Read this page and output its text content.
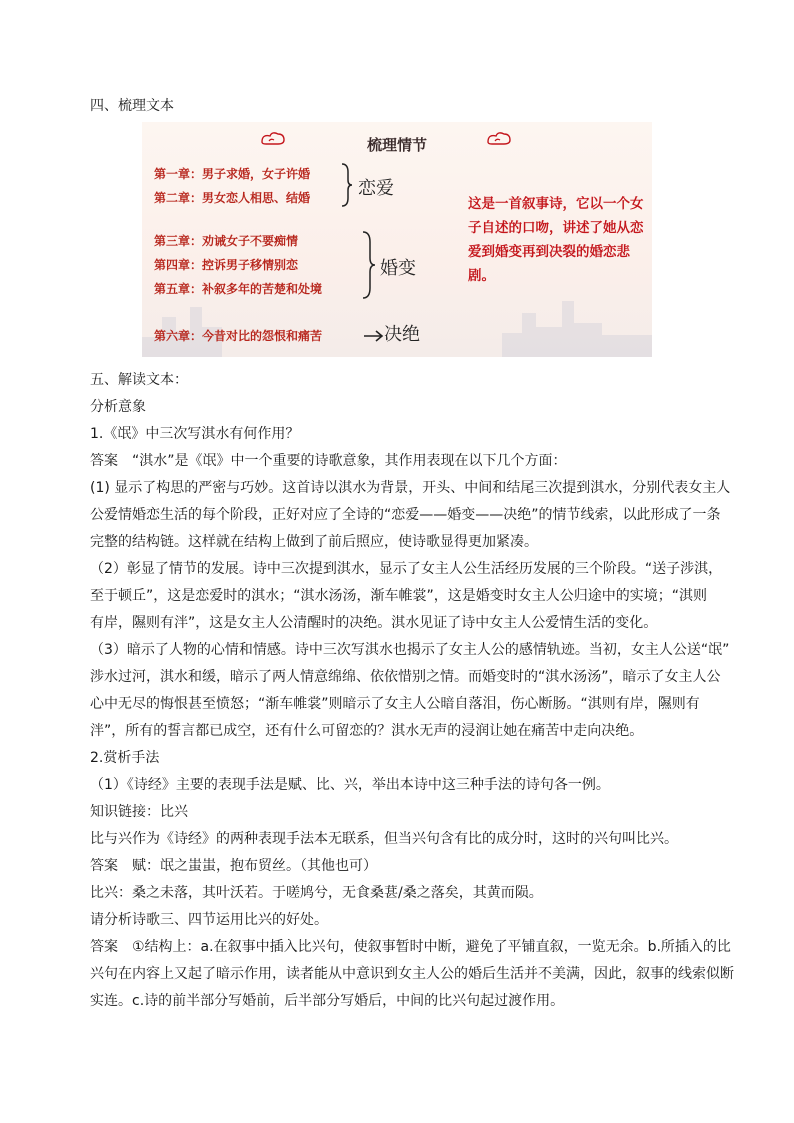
四、梳理文本
梳理情节
第一章：男子求婚，女子许婚
第二章：男女恋人相思、结婚	恋爱
第三章：劝诫女子不要痴情
第四章：控诉男子移情别恋
第五章：补叙多年的苦楚和处境
婚变
第六章：今昔对比的怨恨和痛苦	决绝
这是一首叙事诗，它以一个女子自述的口吻，讲述了她从恋爱到婚变再到决裂的婚恋悲剧。
五、解读文本：
分析意象
1.《氓》中三次写淇水有何作用？
答案　“淇水”是《氓》中一个重要的诗歌意象，其作用表现在以下几个方面：
(1) 显示了构思的严密与巧妙。这首诗以淇水为背景，开头、中间和结尾三次提到淇水，分别代表女主人
公爱情婚恋生活的每个阶段，正好对应了全诗的“恋爱——婚变——决绝”的情节线索，以此形成了一条
完整的结构链。这样就在结构上做到了前后照应，使诗歌显得更加紧凑。
（2）彰显了情节的发展。诗中三次提到淇水，显示了女主人公生活经历发展的三个阶段。“送子涉淇，
至于顿丘”，这是恋爱时的淇水；“淇水汤汤，渐车帷裳”，这是婚变时女主人公归途中的实境；“淇则
有岸，隰则有泮”，这是女主人公清醒时的决绝。淇水见证了诗中女主人公爱情生活的变化。
（3）暗示了人物的心情和情感。诗中三次写淇水也揭示了女主人公的感情轨迹。当初，女主人公送“氓”
涉水过河，淇水和缓，暗示了两人情意绵绵、依依惜别之情。而婚变时的“淇水汤汤”，暗示了女主人公
心中无尽的悔恨甚至愤怒；“渐车帷裳”则暗示了女主人公暗自落泪，伤心断肠。“淇则有岸，隰则有
泮”，所有的誓言都已成空，还有什么可留恋的？淇水无声的浸润让她在痛苦中走向决绝。
2.赏析手法
（1）《诗经》主要的表现手法是赋、比、兴，举出本诗中这三种手法的诗句各一例。
知识链接：比兴
比与兴作为《诗经》的两种表现手法本无联系，但当兴句含有比的成分时，这时的兴句叫比兴。
答案　赋：氓之蚩蚩，抱布贸丝。（其他也可）
比兴：桑之未落，其叶沃若。于嗟鸠兮，无食桑葚/桑之落矣，其黄而陨。
请分析诗歌三、四节运用比兴的好处。
答案　①结构上：a.在叙事中插入比兴句，使叙事暂时中断，避免了平铺直叙，一览无余。b.所插入的比
兴句在内容上又起了暗示作用，读者能从中意识到女主人公的婚后生活并不美满，因此，叙事的线索似断
实连。c.诗的前半部分写婚前，后半部分写婚后，中间的比兴句起过渡作用。
